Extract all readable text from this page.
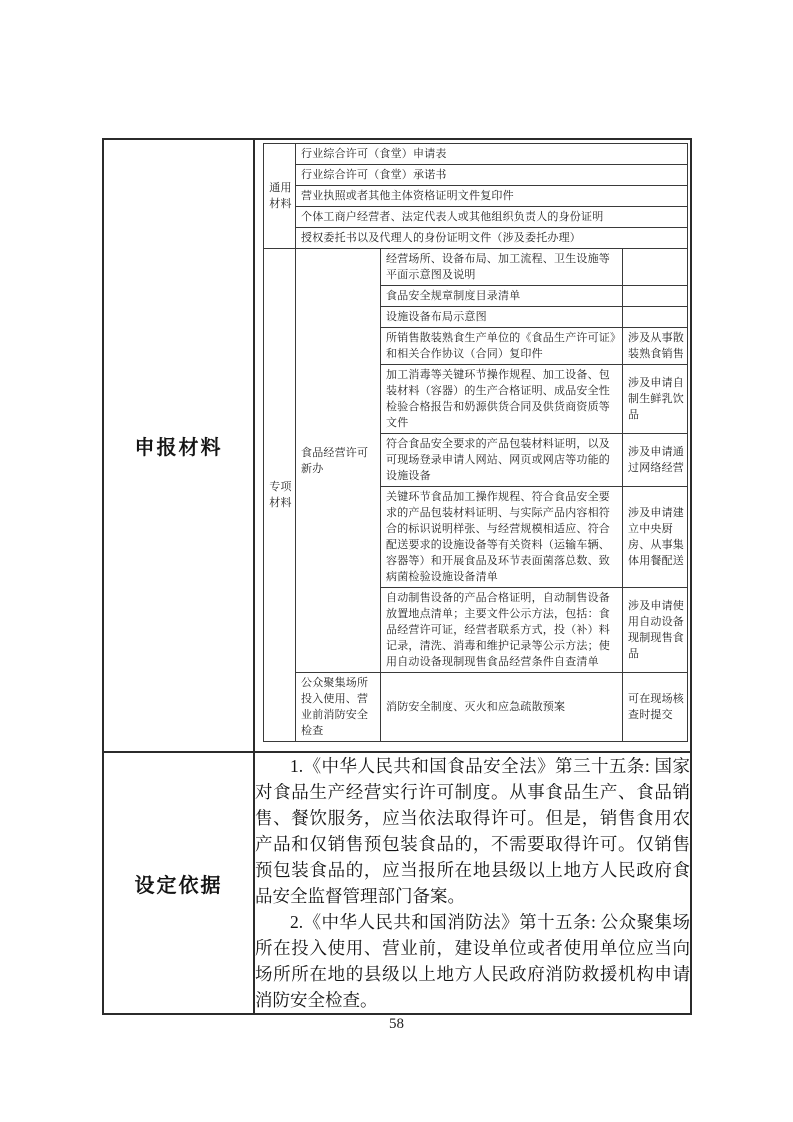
申报材料	
通用材料	行业综合许可（食堂）申请表
行业综合许可（食堂）承诺书
营业执照或者其他主体资格证明文件复印件
个体工商户经营者、法定代表人或其他组织负责人的身份证明
授权委托书以及代理人的身份证明文件（涉及委托办理）
专项材料	食品经营许可新办	经营场所、设备布局、加工流程、卫生设施等平面示意图及说明	
食品安全规章制度目录清单	
设施设备布局示意图	
所销售散装熟食生产单位的《食品生产许可证》和相关合作协议（合同）复印件	涉及从事散装熟食销售
加工消毒等关键环节操作规程、加工设备、包装材料（容器）的生产合格证明、成品安全性检验合格报告和奶源供货合同及供货商资质等文件	涉及申请自制生鲜乳饮品
符合食品安全要求的产品包装材料证明，以及可现场登录申请人网站、网页或网店等功能的设施设备	涉及申请通过网络经营
关键环节食品加工操作规程、符合食品安全要求的产品包装材料证明、与实际产品内容相符合的标识说明样张、与经营规模相适应、符合配送要求的设施设备等有关资料（运输车辆、容器等）和开展食品及环节表面菌落总数、致病菌检验设施设备清单	涉及申请建立中央厨房、从事集体用餐配送
自动制售设备的产品合格证明，自动制售设备放置地点清单；主要文件公示方法，包括：食品经营许可证，经营者联系方式，投（补）料记录，清洗、消毒和维护记录等公示方法；使用自动设备现制现售食品经营条件自查清单	涉及申请使用自动设备现制现售食品
公众聚集场所投入使用、营业前消防安全检查	消防安全制度、灭火和应急疏散预案	可在现场核查时提交

设定依据	

1.《中华人民共和国食品安全法》第三十五条: 国家对食品生产经营实行许可制度。从事食品生产、食品销售、餐饮服务，应当依法取得许可。但是，销售食用农产品和仅销售预包装食品的，不需要取得许可。仅销售预包装食品的，应当报所在地县级以上地方人民政府食品安全监督管理部门备案。

2.《中华人民共和国消防法》第十五条: 公众聚集场所在投入使用、营业前，建设单位或者使用单位应当向场所所在地的县级以上地方人民政府消防救援机构申请消防安全检查。

58
